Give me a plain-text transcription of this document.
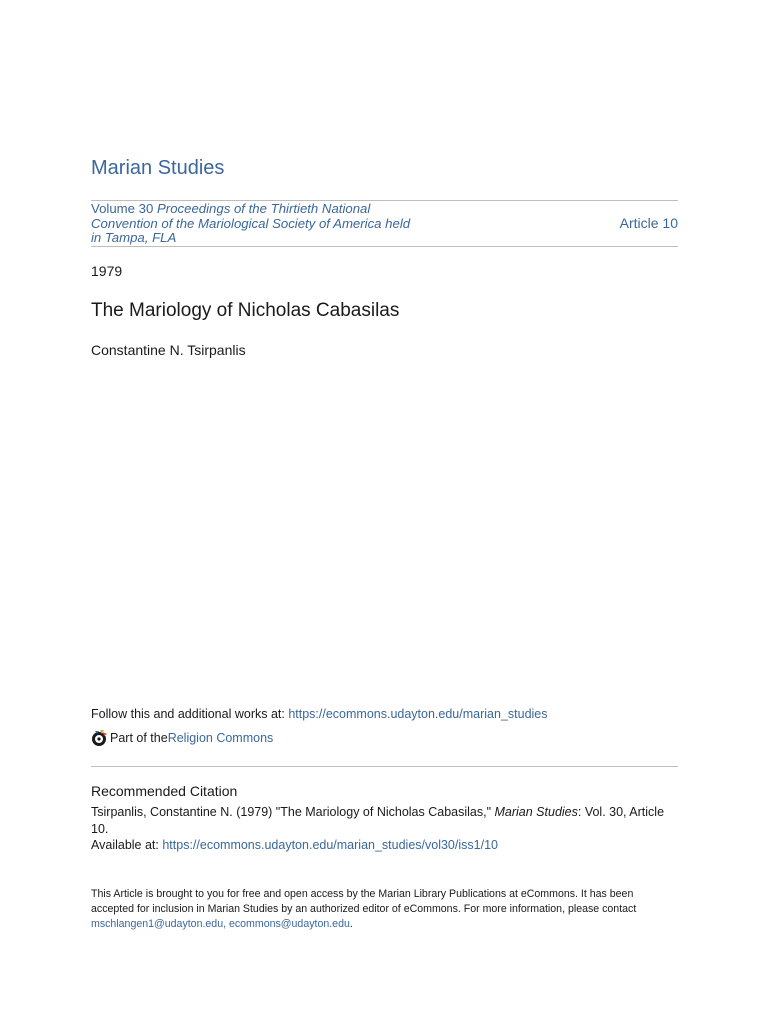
Marian Studies
Volume 30 Proceedings of the Thirtieth National Convention of the Mariological Society of America held in Tampa, FLA
Article 10
1979
The Mariology of Nicholas Cabasilas
Constantine N. Tsirpanlis
Follow this and additional works at: https://ecommons.udayton.edu/marian_studies
Part of the Religion Commons
Recommended Citation
Tsirpanlis, Constantine N. (1979) "The Mariology of Nicholas Cabasilas," Marian Studies: Vol. 30, Article 10.
Available at: https://ecommons.udayton.edu/marian_studies/vol30/iss1/10
This Article is brought to you for free and open access by the Marian Library Publications at eCommons. It has been accepted for inclusion in Marian Studies by an authorized editor of eCommons. For more information, please contact mschlangen1@udayton.edu, ecommons@udayton.edu.
